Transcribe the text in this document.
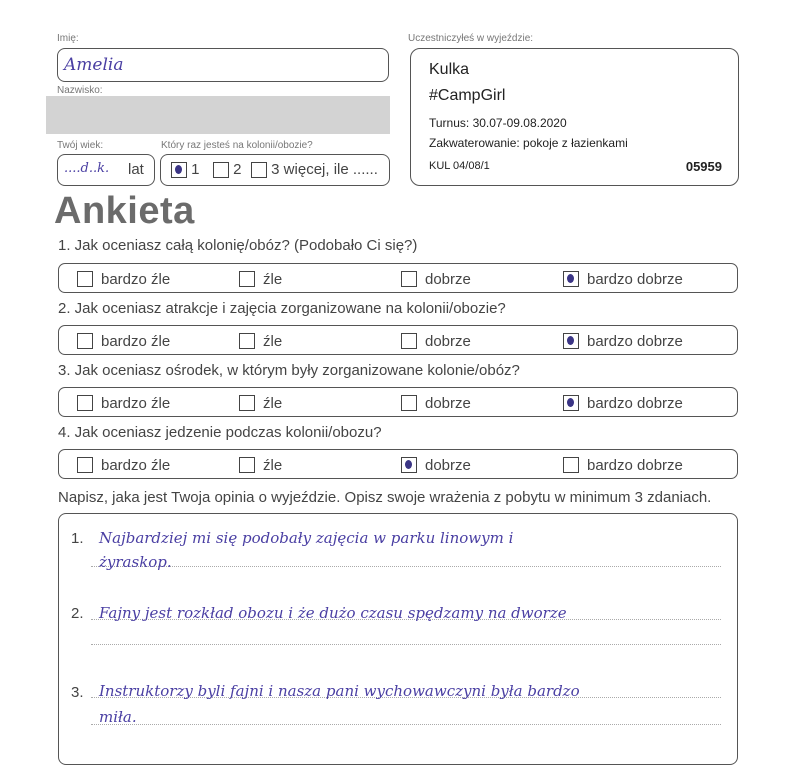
Imię:
Amelia
Nazwisko:
Twój wiek:
....d..k. lat
Który raz jesteś na kolonii/obozie?
1	2	3 więcej, ile ......
Uczestniczyłeś w wyjeździe:
Kulka
#CampGirl
Turnus: 30.07-09.08.2020
Zakwaterowanie: pokoje z łazienkami
KUL 04/08/1	05959
Ankieta
1. Jak oceniasz całą kolonię/obóz? (Podobało Ci się?)
bardzo źle	źle	dobrze	bardzo dobrze
2. Jak oceniasz atrakcje i zajęcia zorganizowane na kolonii/obozie?
bardzo źle	źle	dobrze	bardzo dobrze
3. Jak oceniasz ośrodek, w którym były zorganizowane kolonie/obóz?
bardzo źle	źle	dobrze	bardzo dobrze
4. Jak oceniasz jedzenie podczas kolonii/obozu?
bardzo źle	źle	dobrze	bardzo dobrze
Napisz, jaka jest Twoja opinia o wyjeździe. Opisz swoje wrażenia z pobytu w minimum 3 zdaniach.
1. Najbardziej mi się podobały zajęcia w parku linowym i
żyraskop.
2. Fajny jest rozkład obozu i że dużo czasu spędzamy na dworze
3. Instruktorzy byli fajni i nasza pani wychowawczyni była bardzo
miła.
